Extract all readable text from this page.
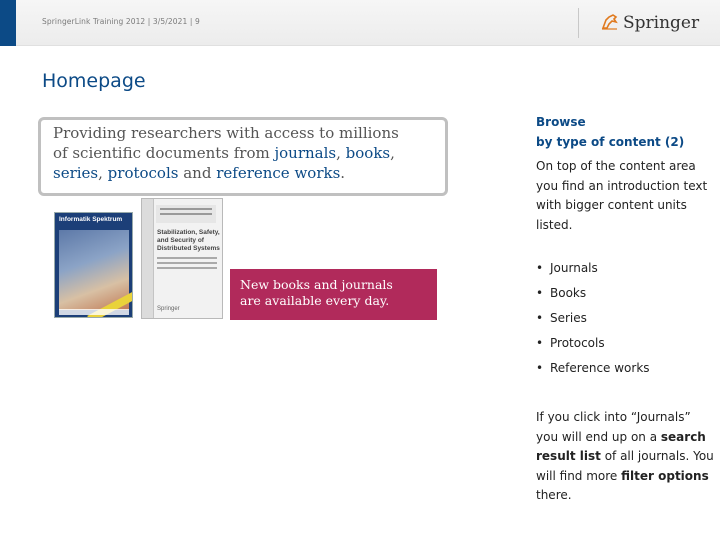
SpringerLink Training 2012 | 3/5/2021 | 9	Springer
Homepage
Providing researchers with access to millions
of scientific documents from journals, books,
series, protocols and reference works.
Informatik Spektrum
Stabilization, Safety, and Security of Distributed Systems
Springer
New books and journals
are available every day.
Browse
by type of content (2)
On top of the content area you find an introduction text with bigger content units listed.
• Journals
• Books
• Series
• Protocols
• Reference works
If you click into “Journals” you will end up on a search result list of all journals. You will find more filter options there.
